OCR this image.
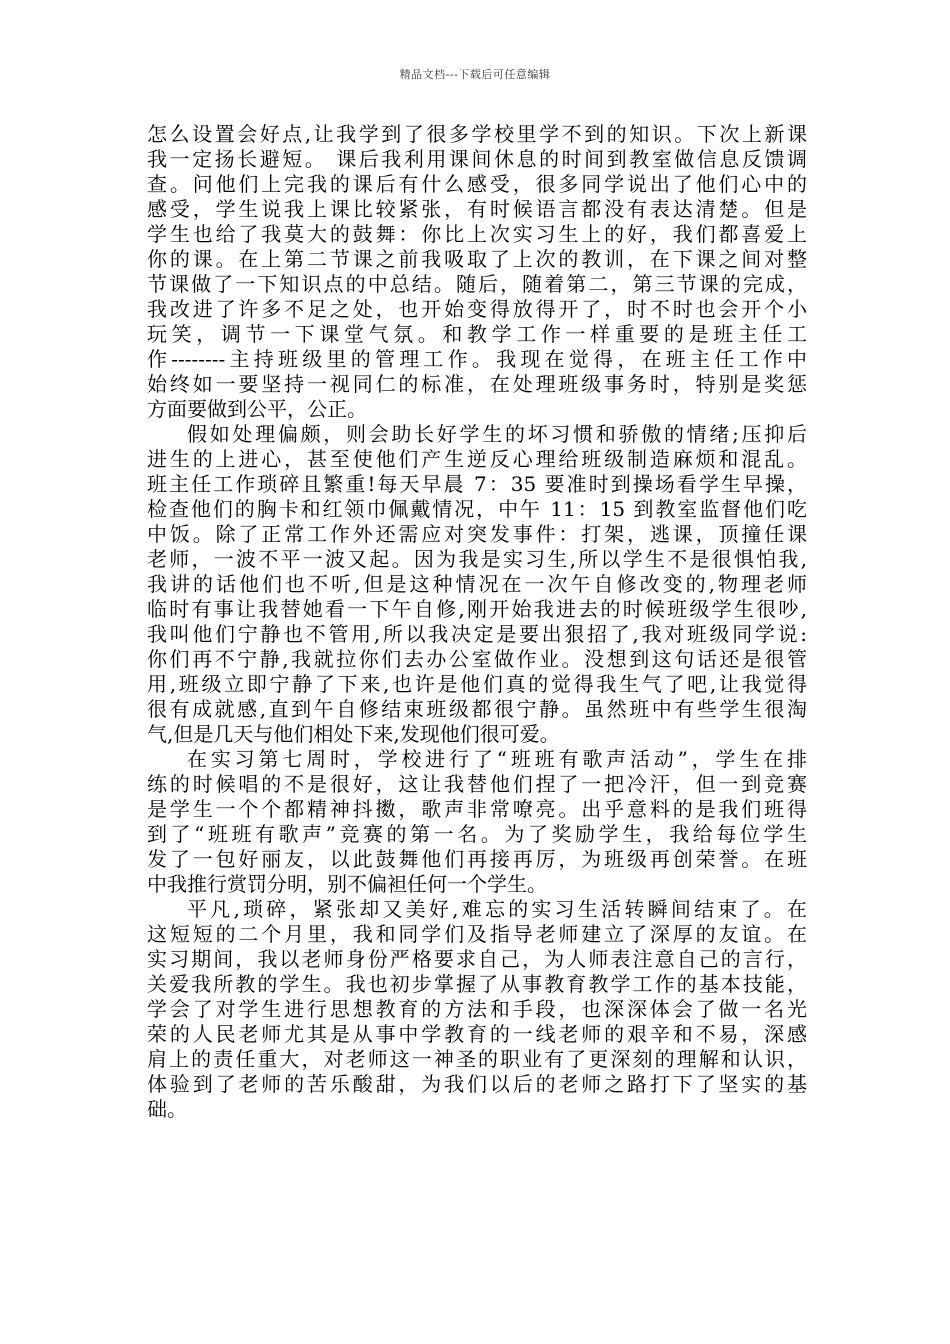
精品文档---下载后可任意编辑
怎么设置会好点,让我学到了很多学校里学不到的知识。下次上新课
我一定扬长避短。 课后我利用课间休息的时间到教室做信息反馈调
查。问他们上完我的课后有什么感受，很多同学说出了他们心中的
感受，学生说我上课比较紧张，有时候语言都没有表达清楚。但是
学生也给了我莫大的鼓舞：你比上次实习生上的好，我们都喜爱上
你的课。在上第二节课之前我吸取了上次的教训，在下课之间对整
节课做了一下知识点的中总结。随后，随着第二，第三节课的完成，
我改进了许多不足之处，也开始变得放得开了，时不时也会开个小
玩笑，调节一下课堂气氛。和教学工作一样重要的是班主任工
作--------主持班级里的管理工作。我现在觉得，在班主任工作中
始终如一要坚持一视同仁的标准，在处理班级事务时，特别是奖惩
方面要做到公平，公正。
假如处理偏颇，则会助长好学生的坏习惯和骄傲的情绪;压抑后
进生的上进心，甚至使他们产生逆反心理给班级制造麻烦和混乱。
班主任工作琐碎且繁重!每天早晨 7：35 要准时到操场看学生早操，
检查他们的胸卡和红领巾佩戴情况，中午 11：15 到教室监督他们吃
中饭。除了正常工作外还需应对突发事件：打架，逃课，顶撞任课
老师，一波不平一波又起。因为我是实习生,所以学生不是很惧怕我,
我讲的话他们也不听,但是这种情况在一次午自修改变的,物理老师
临时有事让我替她看一下午自修,刚开始我进去的时候班级学生很吵,
我叫他们宁静也不管用,所以我决定是要出狠招了,我对班级同学说:
你们再不宁静,我就拉你们去办公室做作业。没想到这句话还是很管
用,班级立即宁静了下来,也许是他们真的觉得我生气了吧,让我觉得
很有成就感,直到午自修结束班级都很宁静。虽然班中有些学生很淘
气,但是几天与他们相处下来,发现他们很可爱。
在实习第七周时，学校进行了“班班有歌声活动”，学生在排
练的时候唱的不是很好，这让我替他们捏了一把冷汗，但一到竞赛
是学生一个个都精神抖擞，歌声非常嘹亮。出乎意料的是我们班得
到了“班班有歌声”竞赛的第一名。为了奖励学生，我给每位学生
发了一包好丽友，以此鼓舞他们再接再厉，为班级再创荣誉。在班
中我推行赏罚分明，别不偏袒任何一个学生。
平凡,琐碎，紧张却又美好,难忘的实习生活转瞬间结束了。在
这短短的二个月里，我和同学们及指导老师建立了深厚的友谊。在
实习期间，我以老师身份严格要求自己，为人师表注意自己的言行，
关爱我所教的学生。我也初步掌握了从事教育教学工作的基本技能，
学会了对学生进行思想教育的方法和手段，也深深体会了做一名光
荣的人民老师尤其是从事中学教育的一线老师的艰辛和不易，深感
肩上的责任重大，对老师这一神圣的职业有了更深刻的理解和认识，
体验到了老师的苦乐酸甜，为我们以后的老师之路打下了坚实的基
础。
